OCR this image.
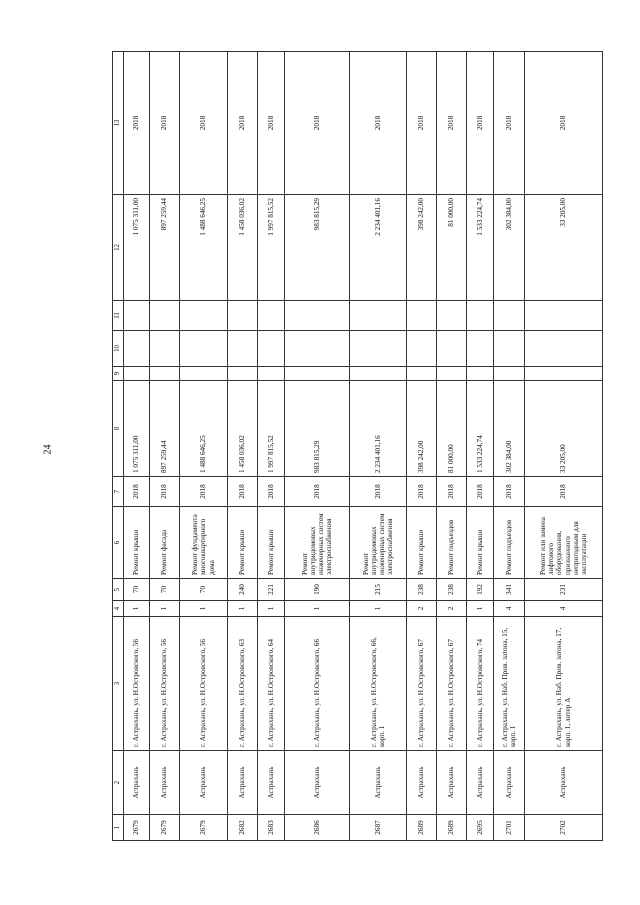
24
1	2	3	4	5	6	7	8	9	10	11	12	13
2679	Астрахань	г. Астрахань, ул. Н.Островского, 56	1	70	Ремонт крыши	2018	1 075 311,00				1 075 311,00	2018
2679	Астрахань	г. Астрахань, ул. Н.Островского, 56	1	70	Ремонт фасада	2018	897 259,44				897 259,44	2018
2679	Астрахань	г. Астрахань, ул. Н.Островского, 56	1	70	Ремонт фундамента многоквартирного дома	2018	1 488 646,25				1 488 646,25	2018
2682	Астрахань	г. Астрахань, ул. Н.Островского, 63	1	240	Ремонт крыши	2018	1 458 036,02				1 458 036,02	2018
2683	Астрахань	г. Астрахань, ул. Н.Островского, 64	1	221	Ремонт крыши	2018	1 997 815,52				1 997 815,52	2018
2686	Астрахань	г. Астрахань, ул. Н.Островского, 66	1	190	Ремонт внутридомовых инженерных систем электроснабжения	2018	983 815,29				983 815,29	2018
2687	Астрахань	г. Астрахань, ул. Н.Островского, 66, корп. 1	1	215	Ремонт внутридомовых инженерных систем электроснабжения	2018	2 234 401,16				2 234 401,16	2018
2689	Астрахань	г. Астрахань, ул. Н.Островского, 67	2	238	Ремонт крыши	2018	398 242,00				398 242,00	2018
2689	Астрахань	г. Астрахань, ул. Н.Островского, 67	2	238	Ремонт подъездов	2018	81 000,00				81 000,00	2018
2695	Астрахань	г. Астрахань, ул. Н.Островского, 74	1	192	Ремонт крыши	2018	1 533 224,74				1 533 224,74	2018
2701	Астрахань	г. Астрахань, ул. Наб. Прив. затона, 15, корп. 1	4	341	Ремонт подъездов	2018	302 384,00				302 384,00	2018
2702	Астрахань	г. Астрахань, ул. Наб. Прив. затона, 17, корп. 1, литер А	4	231	Ремонт или замена лифтового оборудования, признанного непригодным для эксплуатации	2018	33 205,00				33 205,00	2018
